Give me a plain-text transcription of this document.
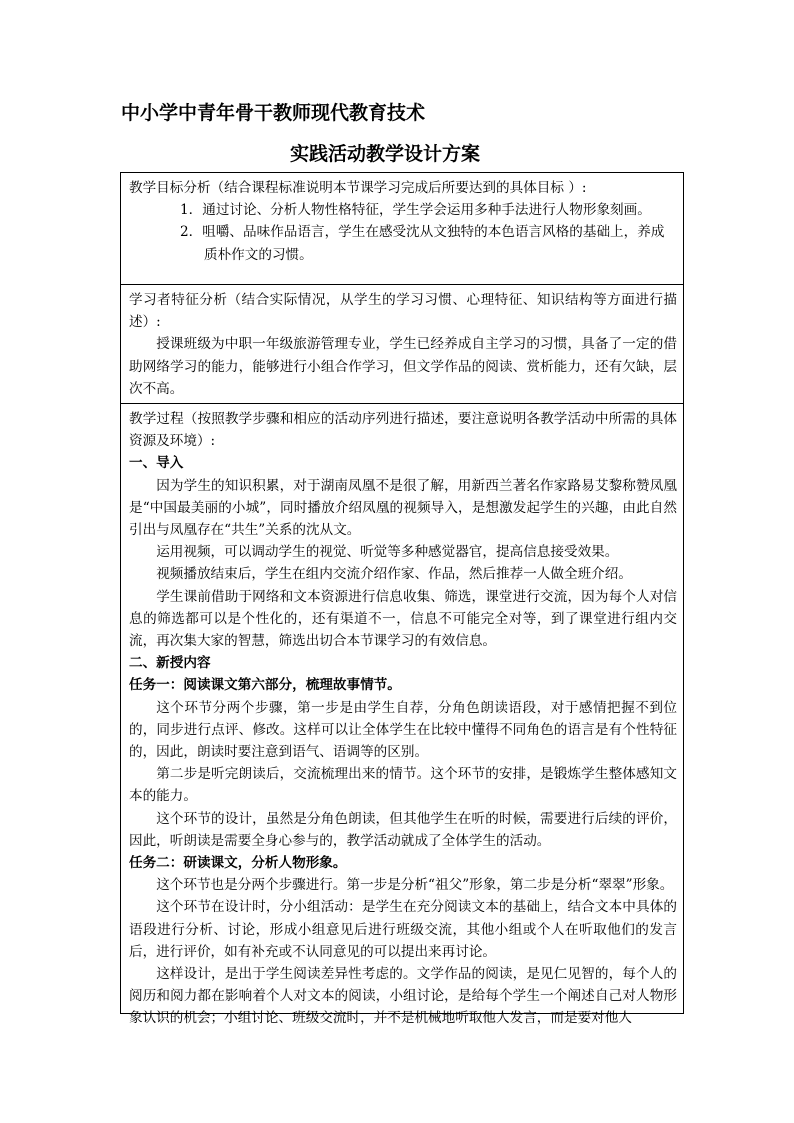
中小学中青年骨干教师现代教育技术
实践活动教学设计方案

教学目标分析（结合课程标准说明本节课学习完成后所要达到的具体目标 ）:

1．通过讨论、分析人物性格特征，学生学会运用多种手法进行人物形象刻画。

2．咀嚼、品味作品语言，学生在感受沈从文独特的本色语言风格的基础上，养成质朴作文的习惯。

学习者特征分析（结合实际情况，从学生的学习习惯、心理特征、知识结构等方面进行描述）:

授课班级为中职一年级旅游管理专业，学生已经养成自主学习的习惯，具备了一定的借助网络学习的能力，能够进行小组合作学习，但文学作品的阅读、赏析能力，还有欠缺，层次不高。

教学过程（按照教学步骤和相应的活动序列进行描述，要注意说明各教学活动中所需的具体资源及环境）:

一、导入

因为学生的知识积累，对于湖南凤凰不是很了解，用新西兰著名作家路易艾黎称赞凤凰是“中国最美丽的小城”，同时播放介绍凤凰的视频导入，是想激发起学生的兴趣，由此自然引出与凤凰存在“共生”关系的沈从文。

运用视频，可以调动学生的视觉、听觉等多种感觉器官，提高信息接受效果。

视频播放结束后，学生在组内交流介绍作家、作品，然后推荐一人做全班介绍。

学生课前借助于网络和文本资源进行信息收集、筛选，课堂进行交流，因为每个人对信息的筛选都可以是个性化的，还有渠道不一，信息不可能完全对等，到了课堂进行组内交流，再次集大家的智慧，筛选出切合本节课学习的有效信息。

二、新授内容

任务一：阅读课文第六部分，梳理故事情节。

这个环节分两个步骤，第一步是由学生自荐，分角色朗读语段，对于感情把握不到位的，同步进行点评、修改。这样可以让全体学生在比较中懂得不同角色的语言是有个性特征的，因此，朗读时要注意到语气、语调等的区别。

第二步是听完朗读后，交流梳理出来的情节。这个环节的安排，是锻炼学生整体感知文本的能力。

这个环节的设计，虽然是分角色朗读，但其他学生在听的时候，需要进行后续的评价，因此，听朗读是需要全身心参与的，教学活动就成了全体学生的活动。

任务二：研读课文，分析人物形象。

这个环节也是分两个步骤进行。第一步是分析“祖父”形象，第二步是分析“翠翠”形象。

这个环节在设计时，分小组活动：是学生在充分阅读文本的基础上，结合文本中具体的语段进行分析、讨论，形成小组意见后进行班级交流，其他小组或个人在听取他们的发言后，进行评价，如有补充或不认同意见的可以提出来再讨论。

这样设计，是出于学生阅读差异性考虑的。文学作品的阅读，是见仁见智的，每个人的阅历和阅力都在影响着个人对文本的阅读，小组讨论，是给每个学生一个阐述自己对人物形象认识的机会；小组讨论、班级交流时，并不是机械地听取他人发言，而是要对他人
